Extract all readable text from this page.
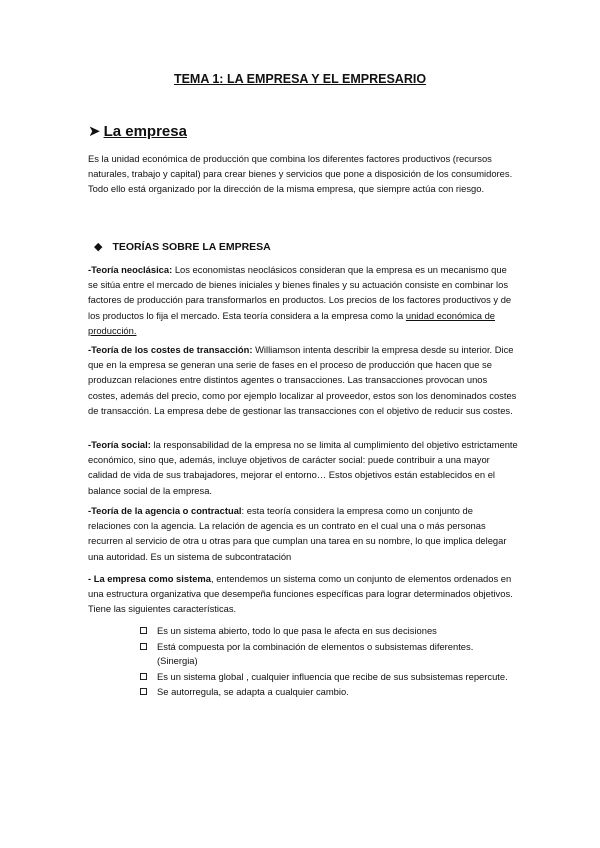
TEMA 1: LA EMPRESA Y EL EMPRESARIO
➤ La empresa
Es la unidad económica de producción que combina los diferentes factores productivos (recursos naturales, trabajo y capital) para crear bienes y servicios que pone a disposición de los consumidores. Todo ello está organizado por la dirección de la misma empresa, que siempre actúa con riesgo.
◆ TEORÍAS SOBRE LA EMPRESA
-Teoría neoclásica: Los economistas neoclásicos consideran que la empresa es un mecanismo que se sitúa entre el mercado de bienes iniciales y bienes finales y su actuación consiste en combinar los factores de producción para transformarlos en productos. Los precios de los factores productivos y de los productos lo fija el mercado. Esta teoría considera a la empresa como la unidad económica de producción.
-Teoría de los costes de transacción: Williamson intenta describir la empresa desde su interior. Dice que en la empresa se generan una serie de fases en el proceso de producción que hacen que se produzcan relaciones entre distintos agentes o transacciones. Las transacciones provocan unos costes, además del precio, como por ejemplo localizar al proveedor, estos son los denominados costes de transacción. La empresa debe de gestionar las transacciones con el objetivo de reducir sus costes.
-Teoría social: la responsabilidad de la empresa no se limita al cumplimiento del objetivo estrictamente económico, sino que, además, incluye objetivos de carácter social: puede contribuir a una mayor calidad de vida de sus trabajadores, mejorar el entorno… Estos objetivos están establecidos en el balance social de la empresa.
-Teoría de la agencia o contractual: esta teoría considera la empresa como un conjunto de relaciones con la agencia. La relación de agencia es un contrato en el cual una o más personas recurren al servicio de otra u otras para que cumplan una tarea en su nombre, lo que implica delegar una autoridad. Es un sistema de subcontratación
- La empresa como sistema, entendemos un sistema como un conjunto de elementos ordenados en una estructura organizativa que desempeña funciones específicas para lograr determinados objetivos. Tiene las siguientes características.
Es un sistema abierto, todo lo que pasa le afecta en sus decisiones
Está compuesta por la combinación de elementos o subsistemas diferentes.(Sinergia)
Es un sistema global , cualquier influencia que recibe de sus subsistemas repercute.
Se autorregula, se adapta a cualquier cambio.
